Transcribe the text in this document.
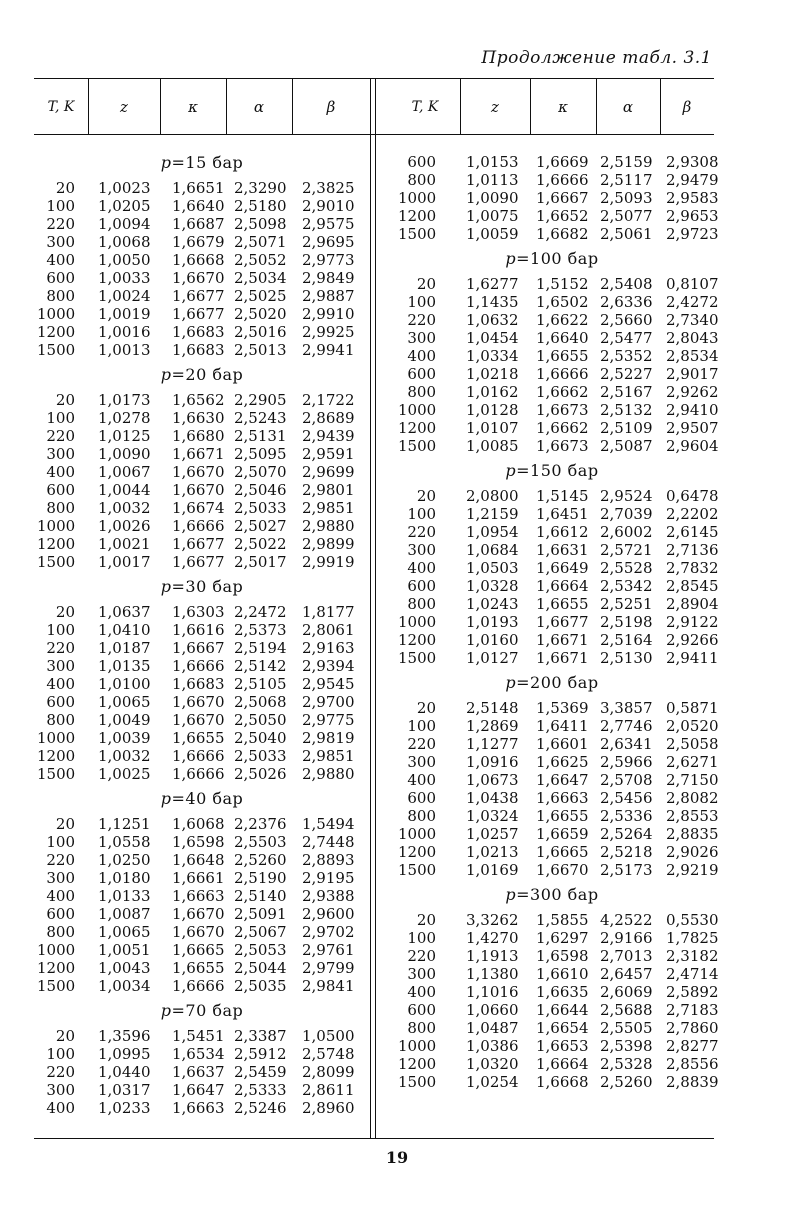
Продолжение табл. 3.1
T, K	z	κ	α	β	T, K	z	κ	α	β
p=15 бар
20 1,0023 1,6651 2,3290 2,3825
100 1,0205 1,6640 2,5180 2,9010
220 1,0094 1,6687 2,5098 2,9575
300 1,0068 1,6679 2,5071 2,9695
400 1,0050 1,6668 2,5052 2,9773
600 1,0033 1,6670 2,5034 2,9849
800 1,0024 1,6677 2,5025 2,9887
1000 1,0019 1,6677 2,5020 2,9910
1200 1,0016 1,6683 2,5016 2,9925
1500 1,0013 1,6683 2,5013 2,9941
p=20 бар
20 1,0173 1,6562 2,2905 2,1722
100 1,0278 1,6630 2,5243 2,8689
220 1,0125 1,6680 2,5131 2,9439
300 1,0090 1,6671 2,5095 2,9591
400 1,0067 1,6670 2,5070 2,9699
600 1,0044 1,6670 2,5046 2,9801
800 1,0032 1,6674 2,5033 2,9851
1000 1,0026 1,6666 2,5027 2,9880
1200 1,0021 1,6677 2,5022 2,9899
1500 1,0017 1,6677 2,5017 2,9919
p=30 бар
20 1,0637 1,6303 2,2472 1,8177
100 1,0410 1,6616 2,5373 2,8061
220 1,0187 1,6667 2,5194 2,9163
300 1,0135 1,6666 2,5142 2,9394
400 1,0100 1,6683 2,5105 2,9545
600 1,0065 1,6670 2,5068 2,9700
800 1,0049 1,6670 2,5050 2,9775
1000 1,0039 1,6655 2,5040 2,9819
1200 1,0032 1,6666 2,5033 2,9851
1500 1,0025 1,6666 2,5026 2,9880
p=40 бар
20 1,1251 1,6068 2,2376 1,5494
100 1,0558 1,6598 2,5503 2,7448
220 1,0250 1,6648 2,5260 2,8893
300 1,0180 1,6661 2,5190 2,9195
400 1,0133 1,6663 2,5140 2,9388
600 1,0087 1,6670 2,5091 2,9600
800 1,0065 1,6670 2,5067 2,9702
1000 1,0051 1,6665 2,5053 2,9761
1200 1,0043 1,6655 2,5044 2,9799
1500 1,0034 1,6666 2,5035 2,9841
p=70 бар
20 1,3596 1,5451 2,3387 1,0500
100 1,0995 1,6534 2,5912 2,5748
220 1,0440 1,6637 2,5459 2,8099
300 1,0317 1,6647 2,5333 2,8611
400 1,0233 1,6663 2,5246 2,8960
600 1,0153 1,6669 2,5159 2,9308
800 1,0113 1,6666 2,5117 2,9479
1000 1,0090 1,6667 2,5093 2,9583
1200 1,0075 1,6652 2,5077 2,9653
1500 1,0059 1,6682 2,5061 2,9723
p=100 бар
20 1,6277 1,5152 2,5408 0,8107
100 1,1435 1,6502 2,6336 2,4272
220 1,0632 1,6622 2,5660 2,7340
300 1,0454 1,6640 2,5477 2,8043
400 1,0334 1,6655 2,5352 2,8534
600 1,0218 1,6666 2,5227 2,9017
800 1,0162 1,6662 2,5167 2,9262
1000 1,0128 1,6673 2,5132 2,9410
1200 1,0107 1,6662 2,5109 2,9507
1500 1,0085 1,6673 2,5087 2,9604
p=150 бар
20 2,0800 1,5145 2,9524 0,6478
100 1,2159 1,6451 2,7039 2,2202
220 1,0954 1,6612 2,6002 2,6145
300 1,0684 1,6631 2,5721 2,7136
400 1,0503 1,6649 2,5528 2,7832
600 1,0328 1,6664 2,5342 2,8545
800 1,0243 1,6655 2,5251 2,8904
1000 1,0193 1,6677 2,5198 2,9122
1200 1,0160 1,6671 2,5164 2,9266
1500 1,0127 1,6671 2,5130 2,9411
p=200 бар
20 2,5148 1,5369 3,3857 0,5871
100 1,2869 1,6411 2,7746 2,0520
220 1,1277 1,6601 2,6341 2,5058
300 1,0916 1,6625 2,5966 2,6271
400 1,0673 1,6647 2,5708 2,7150
600 1,0438 1,6663 2,5456 2,8082
800 1,0324 1,6655 2,5336 2,8553
1000 1,0257 1,6659 2,5264 2,8835
1200 1,0213 1,6665 2,5218 2,9026
1500 1,0169 1,6670 2,5173 2,9219
p=300 бар
20 3,3262 1,5855 4,2522 0,5530
100 1,4270 1,6297 2,9166 1,7825
220 1,1913 1,6598 2,7013 2,3182
300 1,1380 1,6610 2,6457 2,4714
400 1,1016 1,6635 2,6069 2,5892
600 1,0660 1,6644 2,5688 2,7183
800 1,0487 1,6654 2,5505 2,7860
1000 1,0386 1,6653 2,5398 2,8277
1200 1,0320 1,6664 2,5328 2,8556
1500 1,0254 1,6668 2,5260 2,8839
19
